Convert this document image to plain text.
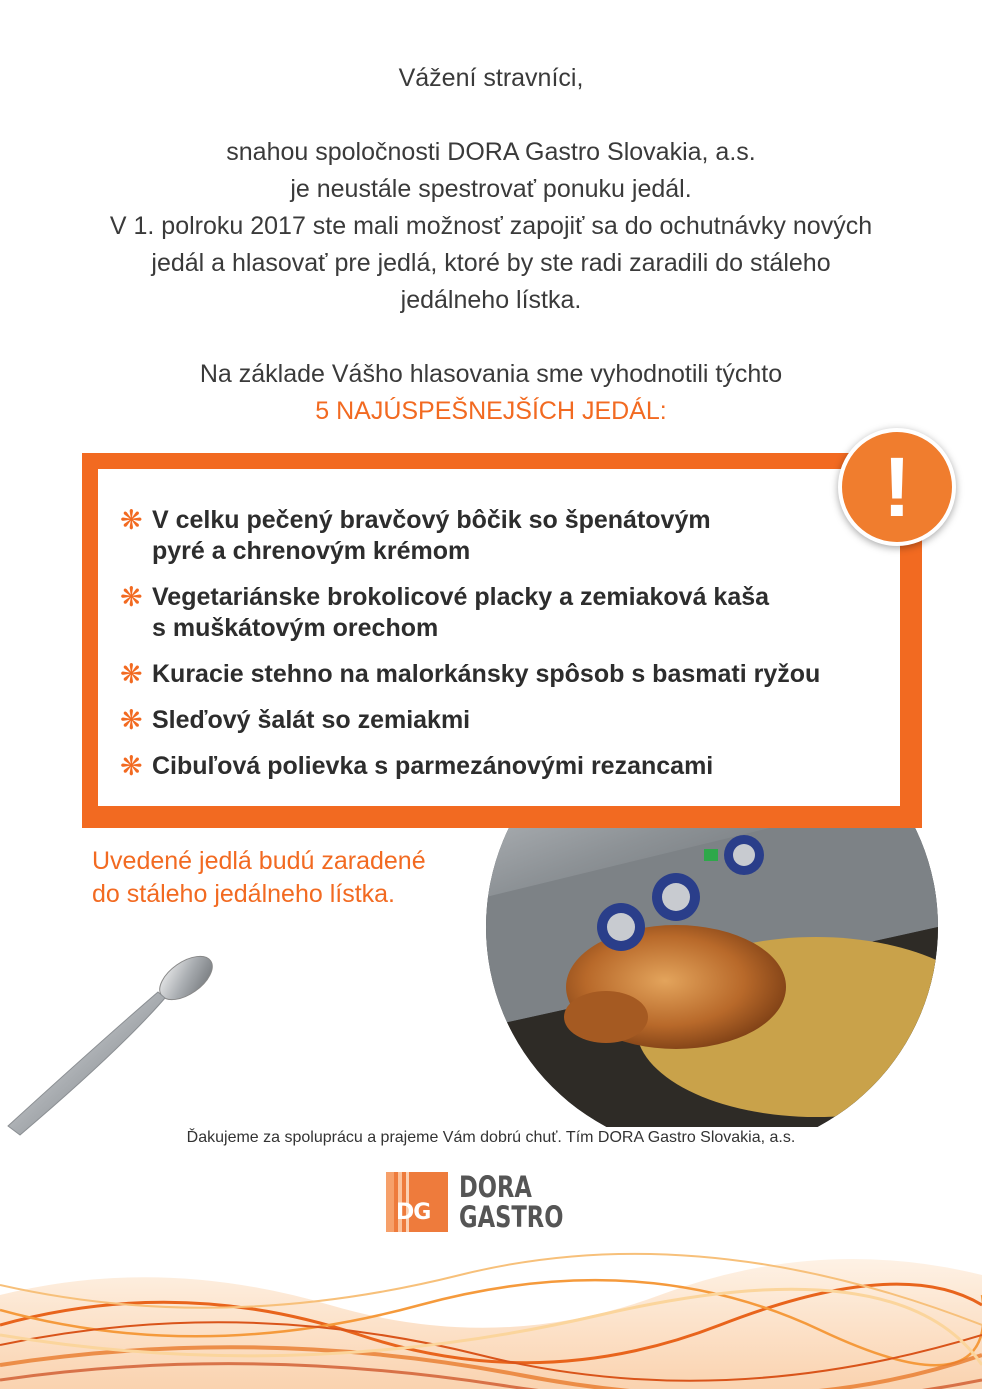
Vážení stravníci,

snahou spoločnosti DORA Gastro Slovakia, a.s.

je neustále spestrovať ponuku jedál.

V 1. polroku 2017 ste mali možnosť zapojiť sa do ochutnávky nových

jedál a hlasovať pre jedlá, ktoré by ste radi zaradili do stáleho

jedálneho lístka.

Na základe Vášho hlasovania sme vyhodnotili týchto

5 NAJÚSPEŠNEJŠÍCH JEDÁL:

❋ V celku pečený bravčový bôčik so špenátovým
pyré a chrenovým krémom
❋ Vegetariánske brokolicové placky a zemiaková kaša
s muškátovým orechom
❋ Kuracie stehno na malorkánsky spôsob s basmati ryžou
❋ Sleďový šalát so zemiakmi
❋ Cibuľová polievka s parmezánovými rezancami
!
Uvedené jedlá budú zaradené
do stáleho jedálneho lístka.
Ďakujeme za spoluprácu a prajeme Vám dobrú chuť. Tím DORA Gastro Slovakia, a.s.
DG
DORA
GASTRO
